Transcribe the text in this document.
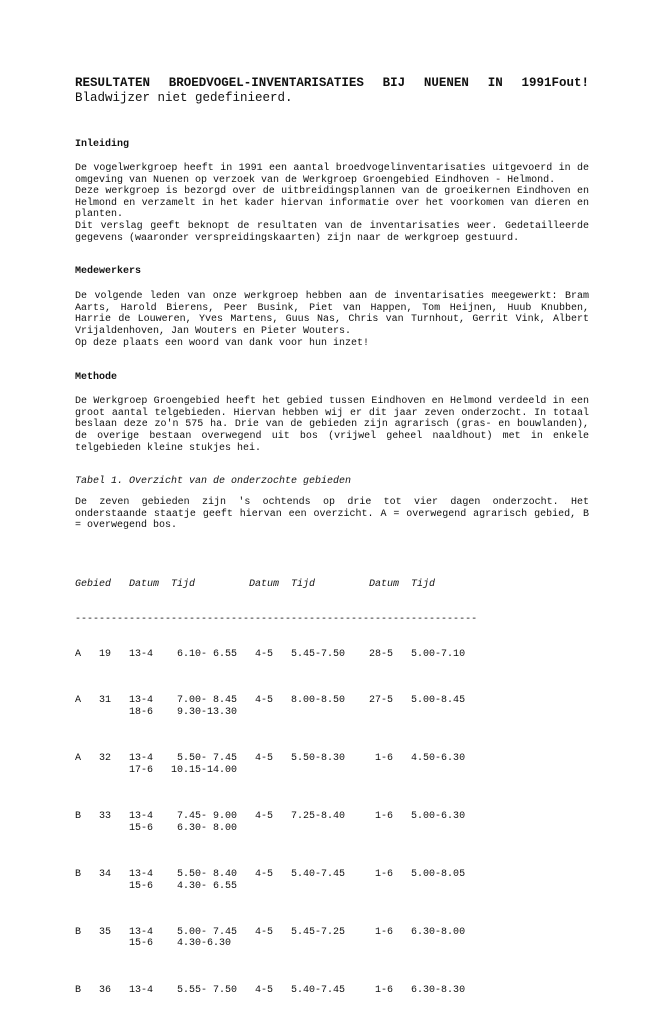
RESULTATEN BROEDVOGEL-INVENTARISATIES BIJ NUENEN IN 1991Fout!

Bladwijzer niet gedefinieerd.

Inleiding

De vogelwerkgroep heeft in 1991 een aantal broedvogelinventarisaties uitgevoerd in de omgeving van Nuenen op verzoek van de Werkgroep Groengebied Eindhoven - Helmond.

Deze werkgroep is bezorgd over de uitbreidingsplannen van de groeikernen Eindhoven en Helmond en verzamelt in het kader hiervan informatie over het voorkomen van dieren en planten.

Dit verslag geeft beknopt de resultaten van de inventarisaties weer. Gedetailleerde gegevens (waaronder verspreidingskaarten) zijn naar de werkgroep gestuurd.

Medewerkers

De volgende leden van onze werkgroep hebben aan de inventarisaties meegewerkt: Bram Aarts, Harold Bierens, Peer Busink, Piet van Happen, Tom Heijnen, Huub Knubben, Harrie de Louweren, Yves Martens, Guus Nas, Chris van Turnhout, Gerrit Vink, Albert Vrijaldenhoven, Jan Wouters en Pieter Wouters.

Op deze plaats een woord van dank voor hun inzet!

Methode

De Werkgroep Groengebied heeft het gebied tussen Eindhoven en Helmond verdeeld in een groot aantal telgebieden. Hiervan hebben wij er dit jaar zeven onderzocht. In totaal beslaan deze zo'n 575 ha. Drie van de gebieden zijn agrarisch (gras- en bouwlanden), de overige bestaan overwegend uit bos (vrijwel geheel naaldhout) met in enkele telgebieden kleine stukjes hei.

Tabel 1. Overzicht van de onderzochte gebieden

De zeven gebieden zijn 's ochtends op drie tot vier dagen onderzocht. Het onderstaande staatje geeft hiervan een overzicht. A = overwegend agrarisch gebied, B = overwegend bos.

Gebied   Datum  Tijd         Datum  Tijd         Datum  Tijd

-------------------------------------------------------------------

A   19   13-4    6.10- 6.55   4-5   5.45-7.50    28-5   5.00-7.10

A   31   13-4    7.00- 8.45   4-5   8.00-8.50    27-5   5.00-8.45
18-6    9.30-13.30

A   32   13-4    5.50- 7.45   4-5   5.50-8.30     1-6   4.50-6.30
17-6   10.15-14.00

B   33   13-4    7.45- 9.00   4-5   7.25-8.40     1-6   5.00-6.30
15-6    6.30- 8.00

B   34   13-4    5.50- 8.40   4-5   5.40-7.45     1-6   5.00-8.05
15-6    4.30- 6.55

B   35   13-4    5.00- 7.45   4-5   5.45-7.25     1-6   6.30-8.00
15-6    4.30-6.30

B   36   13-4    5.55- 7.50   4-5   5.40-7.45     1-6   6.30-8.30
